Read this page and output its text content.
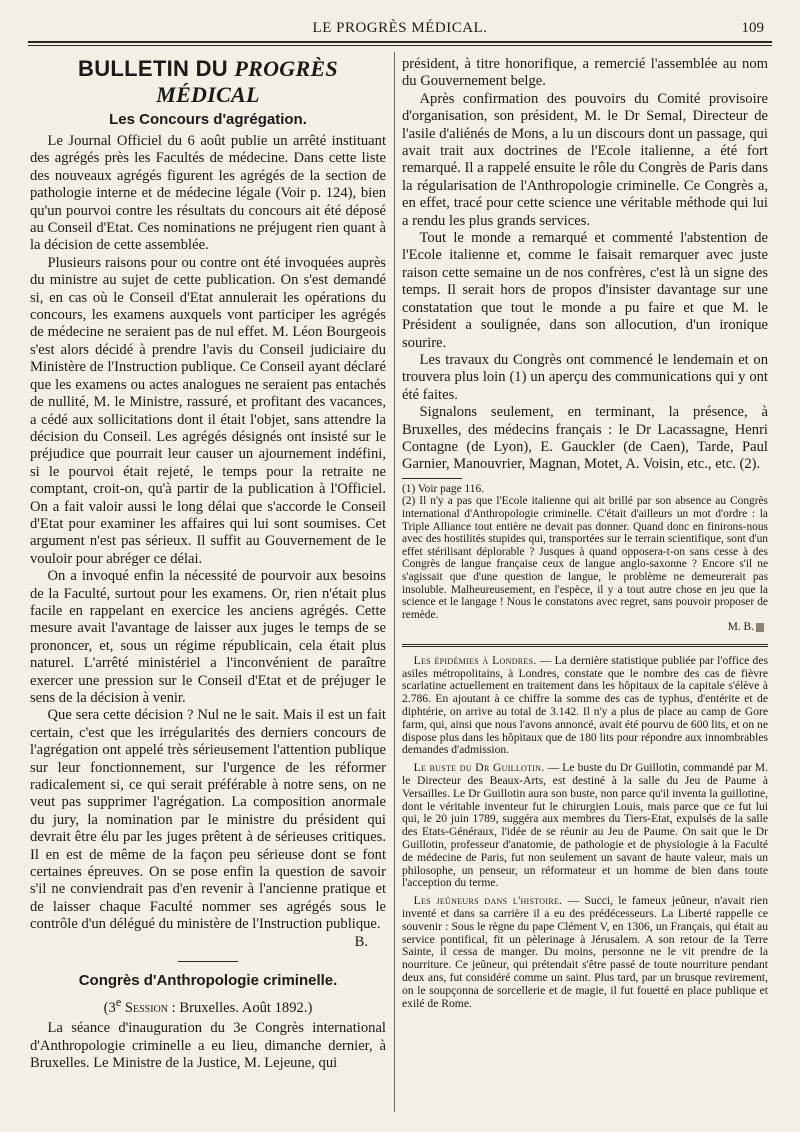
LE PROGRÈS MÉDICAL.	109
BULLETIN DU PROGRÈS MÉDICAL
Les Concours d'agrégation.

Le Journal Officiel du 6 août publie un arrêté instituant des agrégés près les Facultés de médecine. Dans cette liste des nouveaux agrégés figurent les agrégés de la section de pathologie interne et de médecine légale (Voir p. 124), bien qu'un pourvoi contre les résultats du concours ait été déposé au Conseil d'Etat. Ces nominations ne préjugent rien quant à la décision de cette assemblée.

Plusieurs raisons pour ou contre ont été invoquées auprès du ministre au sujet de cette publication. On s'est demandé si, en cas où le Conseil d'Etat annulerait les opérations du concours, les examens auxquels vont participer les agrégés de médecine ne seraient pas de nul effet. M. Léon Bourgeois s'est alors décidé à prendre l'avis du Conseil judiciaire du Ministère de l'Instruction publique. Ce Conseil ayant déclaré que les examens ou actes analogues ne seraient pas entachés de nullité, M. le Ministre, rassuré, et profitant des vacances, a cédé aux sollicitations dont il était l'objet, sans attendre la décision du Conseil. Les agrégés désignés ont insisté sur le préjudice que pourrait leur causer un ajournement indéfini, si le pourvoi était rejeté, le temps pour la retraite ne comptant, croit-on, qu'à partir de la publication à l'Officiel. On a fait valoir aussi le long délai que s'accorde le Conseil d'Etat pour examiner les affaires qui lui sont soumises. Cet argument n'est pas sérieux. Il suffit au Gouvernement de le vouloir pour abréger ce délai.

On a invoqué enfin la nécessité de pourvoir aux besoins de la Faculté, surtout pour les examens. Or, rien n'était plus facile en rappelant en exercice les anciens agrégés. Cette mesure avait l'avantage de laisser aux juges le temps de se prononcer, et, sous un régime républicain, cela était plus naturel. L'arrêté ministériel a l'inconvénient de paraître exercer une pression sur le Conseil d'Etat et de préjuger le sens de la décision à venir.

Que sera cette décision ? Nul ne le sait. Mais il est un fait certain, c'est que les irrégularités des derniers concours de l'agrégation ont appelé très sérieusement l'attention publique sur leur fonctionnement, sur l'urgence de les réformer radicalement si, ce qui serait préférable à notre sens, on ne veut pas supprimer l'agrégation. La composition anormale du jury, la nomination par le ministre du président qui devrait être élu par les juges prêtent à de sérieuses critiques. Il en est de même de la façon peu sérieuse dont se font certaines épreuves. On se pose enfin la question de savoir s'il ne conviendrait pas d'en revenir à l'ancienne pratique et de laisser chaque Faculté nommer ses agrégés sous le contrôle d'un délégué du ministère de l'Instruction publique.

B.

Congrès d'Anthropologie criminelle.

(3e Session : Bruxelles. Août 1892.)

La séance d'inauguration du 3e Congrès international d'Anthropologie criminelle a eu lieu, dimanche dernier, à Bruxelles. Le Ministre de la Justice, M. Lejeune, qui

président, à titre honorifique, a remercié l'assemblée au nom du Gouvernement belge.

Après confirmation des pouvoirs du Comité provisoire d'organisation, son président, M. le Dr Semal, Directeur de l'asile d'aliénés de Mons, a lu un discours dont un passage, qui avait trait aux doctrines de l'Ecole italienne, a été fort remarqué. Il a rappelé ensuite le rôle du Congrès de Paris dans la régularisation de l'Anthropologie criminelle. Ce Congrès a, en effet, tracé pour cette science une véritable méthode qui lui a rendu les plus grands services.

Tout le monde a remarqué et commenté l'abstention de l'Ecole italienne et, comme le faisait remarquer avec juste raison cette semaine un de nos confrères, c'est là un signe des temps. Il serait hors de propos d'insister davantage sur une constatation que tout le monde a pu faire et que M. le Président a soulignée, dans son allocution, d'un ironique sourire.

Les travaux du Congrès ont commencé le lendemain et on trouvera plus loin (1) un aperçu des communications qui y ont été faites.

Signalons seulement, en terminant, la présence, à Bruxelles, des médecins français : le Dr Lacassagne, Henri Contagne (de Lyon), E. Gauckler (de Caen), Tarde, Paul Garnier, Manouvrier, Magnan, Motet, A. Voisin, etc., etc. (2).

(1) Voir page 116.

(2) Il n'y a pas que l'Ecole italienne qui ait brillé par son absence au Congrès international d'Anthropologie criminelle. C'était d'ailleurs un mot d'ordre : la Triple Alliance tout entière ne devait pas donner. Quand donc en finirons-nous avec des hostilités stupides qui, transportées sur le terrain scientifique, sont d'un effet stérilisant déplorable ? Jusques à quand opposera-t-on sans cesse à des Congrès de langue française ceux de langue anglo-saxonne ? Encore s'il ne s'agissait que d'une question de langue, le problème ne demeurerait pas insoluble. Malheureusement, en l'espèce, il y a tout autre chose en jeu que la science et le langage ! Nous le constatons avec regret, sans pouvoir proposer de remède.

M. B.

Les épidémies à Londres. — La dernière statistique publiée par l'office des asiles métropolitains, à Londres, constate que le nombre des cas de fièvre scarlatine actuellement en traitement dans les hôpitaux de la capitale s'élève à 2.786. En ajoutant à ce chiffre la somme des cas de typhus, d'entérite et de diphtérie, on arrive au total de 3.142. Il n'y a plus de place au camp de Gore farm, qui, ainsi que nous l'avons annoncé, avait été pourvu de 600 lits, et on ne dispose plus dans les hôpitaux que de 180 lits pour répondre aux innombrables demandes d'admission.

Le buste du Dr Guillotin. — Le buste du Dr Guillotin, commandé par M. le Directeur des Beaux-Arts, est destiné à la salle du Jeu de Paume à Versailles. Le Dr Guillotin aura son buste, non parce qu'il inventa la guillotine, dont le véritable inventeur fut le chirurgien Louis, mais parce que ce fut lui qui, le 20 juin 1789, suggéra aux membres du Tiers-Etat, expulsés de la salle des Etats-Généraux, l'idée de se réunir au Jeu de Paume. On sait que le Dr Guillotin, professeur d'anatomie, de pathologie et de physiologie à la Faculté de médecine de Paris, fut non seulement un savant de haute valeur, mais un philosophe, un penseur, un réformateur et un homme de bien dans toute l'acception du terme.

Les jeûneurs dans l'histoire. — Succi, le fameux jeûneur, n'avait rien inventé et dans sa carrière il a eu des prédécesseurs. La Liberté rappelle ce souvenir : Sous le règne du pape Clément V, en 1306, un Français, qui était au service pontifical, fit un pèlerinage à Jérusalem. A son retour de la Terre Sainte, il cessa de manger. Du moins, personne ne le vit prendre de la nourriture. Ce jeûneur, qui prétendait s'être passé de toute nourriture pendant deux ans, fut considéré comme un saint. Plus tard, par un brusque revirement, on le soupçonna de sorcellerie et de magie, il fut fouetté en place publique et exilé de Rome.
